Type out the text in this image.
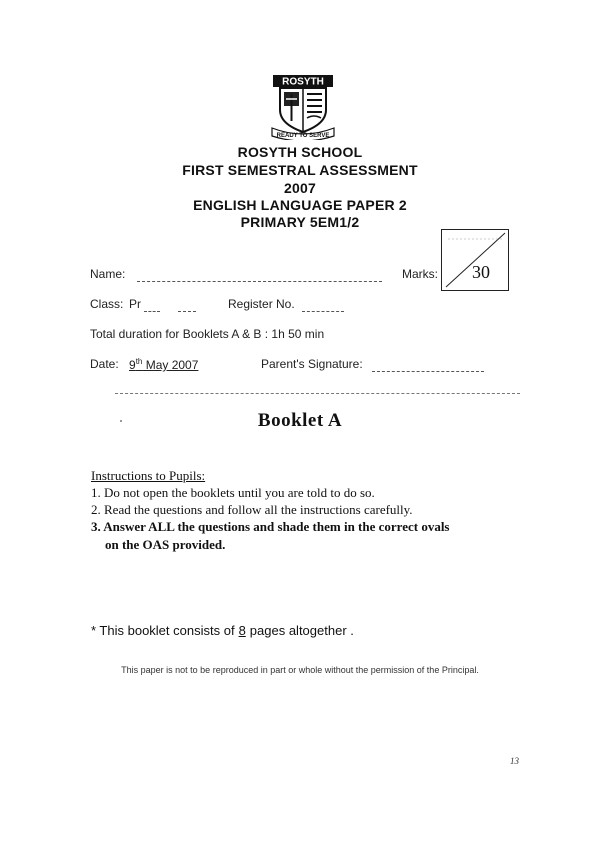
ROSYTH
READY TO SERVE
ROSYTH SCHOOL
FIRST SEMESTRAL ASSESSMENT
2007
ENGLISH LANGUAGE PAPER 2
PRIMARY 5EM1/2
Name:	Marks: 30
Class: Pr	Register No.
Total duration for Booklets A & B : 1h 50 min
Date: 9th May 2007	Parent's Signature:
Booklet A
Instructions to Pupils:
1. Do not open the booklets until you are told to do so.
2. Read the questions and follow all the instructions carefully.
3. Answer ALL the questions and shade them in the correct ovals
on the OAS provided.
* This booklet consists of 8 pages altogether .
This paper is not to be reproduced in part or whole without the permission of the Principal.
13
